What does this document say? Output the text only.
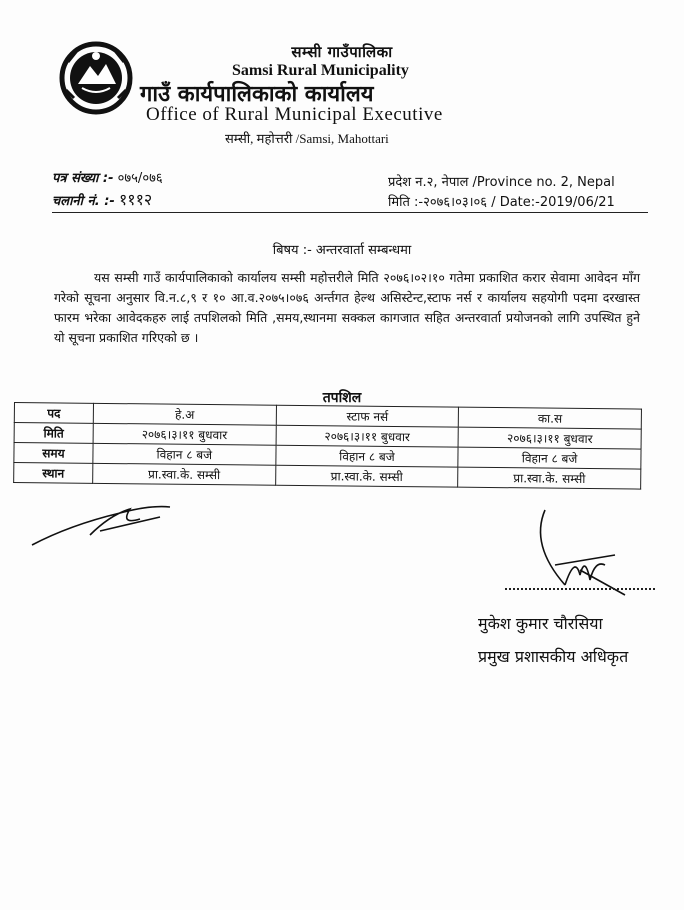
सम्सी गाउँपालिका
Samsi Rural Municipality
गाउँ कार्यपालिकाको कार्यालय
Office of Rural Municipal Executive
सम्सी, महोत्तरी /Samsi, Mahottari
पत्र संख्या :- ०७५/०७६
चलानी नं. :- १११२
प्रदेश न.२, नेपाल /Province no. 2, Nepal
मिति :-२०७६।०३।०६ / Date:-2019/06/21
बिषय :- अन्तरवार्ता सम्बन्धमा
यस सम्सी गाउँ कार्यपालिकाको कार्यालय सम्सी महोत्तरीले मिति २०७६।०२।१० गतेमा प्रकाशित करार सेवामा आवेदन माँग गरेको सूचना अनुसार वि.न.८,९ र १० आ.व.२०७५।०७६ अर्न्तगत हेल्थ असिस्टेन्ट,स्टाफ नर्स र कार्यालय सहयोगी पदमा दरखास्त फारम भरेका आवेदकहरु लाई तपशिलको मिति ,समय,स्थानमा सक्कल कागजात सहित अन्तरवार्ता प्रयोजनको लागि उपस्थित हुने यो सूचना प्रकाशित गरिएको छ ।
तपशिल
पद	हे.अ	स्टाफ नर्स	का.स
मिति	२०७६।३।११ बुधवार	२०७६।३।११ बुधवार	२०७६।३।११ बुधवार
समय	विहान ८ बजे	विहान ८ बजे	विहान ८ बजे
स्थान	प्रा.स्वा.के. सम्सी	प्रा.स्वा.के. सम्सी	प्रा.स्वा.के. सम्सी
मुकेश कुमार चौरसिया
प्रमुख प्रशासकीय अधिकृत
